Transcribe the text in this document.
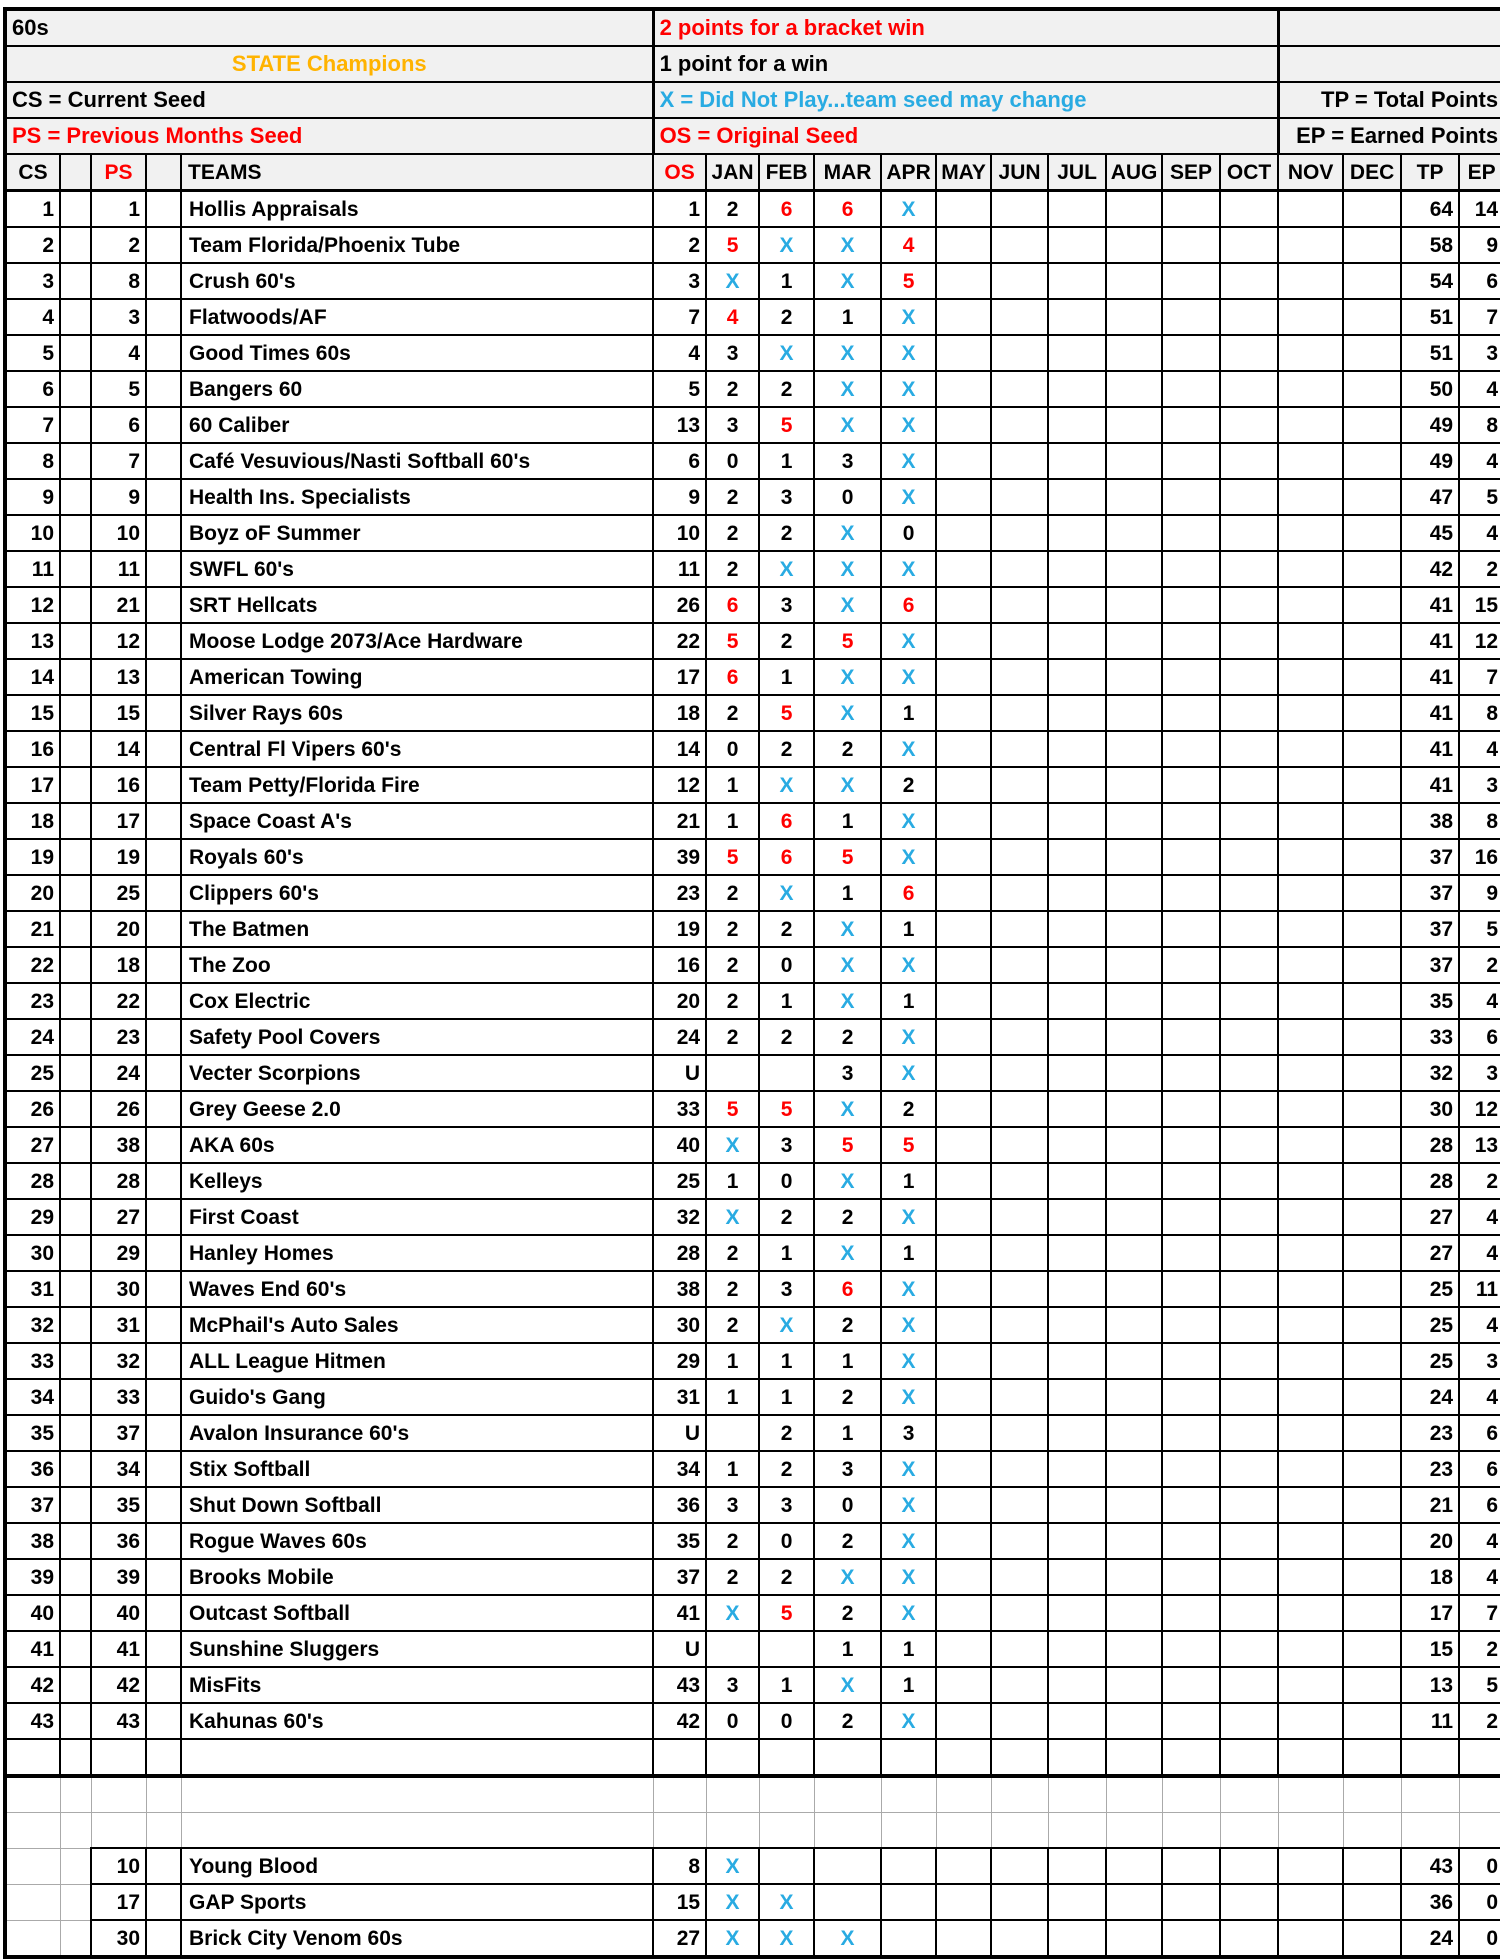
60s					2 points for a bracket win														
STATE Champions					1 point for a win														
CS = Current Seed					X = Did Not Play...team seed may change											TP = Total Points			
PS = Previous Months Seed					OS = Original Seed											EP = Earned Points			
CS		PS		TEAMS	OS	JAN	FEB	MAR	APR	MAY	JUN	JUL	AUG	SEP	OCT	NOV	DEC	TP	EP
1		1		Hollis Appraisals	1	2	6	6	X									64	14
2		2		Team Florida/Phoenix Tube	2	5	X	X	4									58	9
3		8		Crush 60's	3	X	1	X	5									54	6
4		3		Flatwoods/AF	7	4	2	1	X									51	7
5		4		Good Times 60s	4	3	X	X	X									51	3
6		5		Bangers 60	5	2	2	X	X									50	4
7		6		60 Caliber	13	3	5	X	X									49	8
8		7		Café Vesuvious/Nasti Softball 60's	6	0	1	3	X									49	4
9		9		Health Ins. Specialists	9	2	3	0	X									47	5
10		10		Boyz oF Summer	10	2	2	X	0									45	4
11		11		SWFL 60's	11	2	X	X	X									42	2
12		21		SRT Hellcats	26	6	3	X	6									41	15
13		12		Moose Lodge 2073/Ace Hardware	22	5	2	5	X									41	12
14		13		American Towing	17	6	1	X	X									41	7
15		15		Silver Rays 60s	18	2	5	X	1									41	8
16		14		Central Fl Vipers 60's	14	0	2	2	X									41	4
17		16		Team Petty/Florida Fire	12	1	X	X	2									41	3
18		17		Space Coast A's	21	1	6	1	X									38	8
19		19		Royals 60's	39	5	6	5	X									37	16
20		25		Clippers 60's	23	2	X	1	6									37	9
21		20		The Batmen	19	2	2	X	1									37	5
22		18		The Zoo	16	2	0	X	X									37	2
23		22		Cox Electric	20	2	1	X	1									35	4
24		23		Safety Pool Covers	24	2	2	2	X									33	6
25		24		Vecter Scorpions	U			3	X									32	3
26		26		Grey Geese 2.0	33	5	5	X	2									30	12
27		38		AKA 60s	40	X	3	5	5									28	13
28		28		Kelleys	25	1	0	X	1									28	2
29		27		First Coast	32	X	2	2	X									27	4
30		29		Hanley Homes	28	2	1	X	1									27	4
31		30		Waves End 60's	38	2	3	6	X									25	11
32		31		McPhail's Auto Sales	30	2	X	2	X									25	4
33		32		ALL League Hitmen	29	1	1	1	X									25	3
34		33		Guido's Gang	31	1	1	2	X									24	4
35		37		Avalon Insurance 60's	U		2	1	3									23	6
36		34		Stix Softball	34	1	2	3	X									23	6
37		35		Shut Down Softball	36	3	3	0	X									21	6
38		36		Rogue Waves 60s	35	2	0	2	X									20	4
39		39		Brooks Mobile	37	2	2	X	X									18	4
40		40		Outcast Softball	41	X	5	2	X									17	7
41		41		Sunshine Sluggers	U			1	1									15	2
42		42		MisFits	43	3	1	X	1									13	5
43		43		Kahunas 60's	42	0	0	2	X									11	2

		10		Young Blood	8	X												43	0
		17		GAP Sports	15	X	X											36	0
		30		Brick City Venom 60s	27	X	X	X										24	0
